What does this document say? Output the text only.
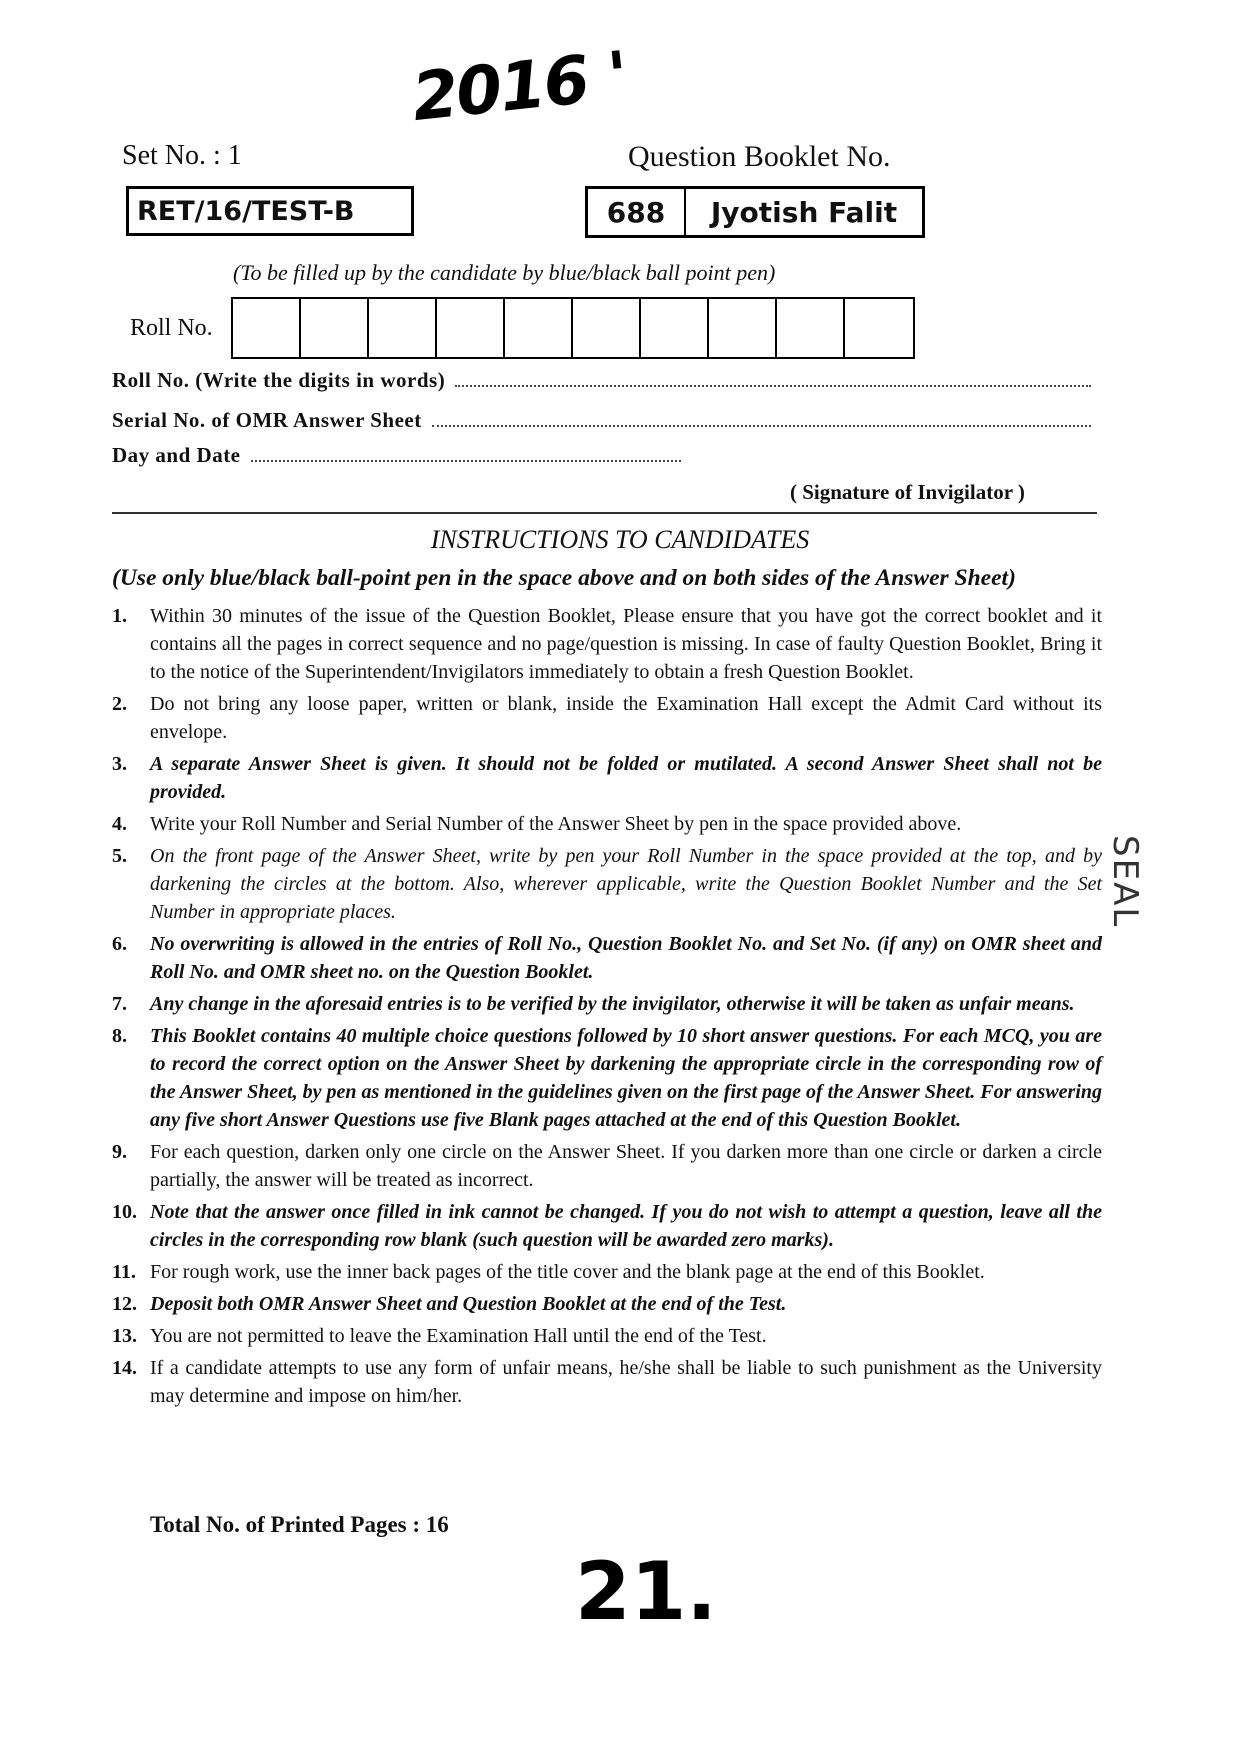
2016 '
Set No. : 1	Question Booklet No.
RET/16/TEST-B	688	Jyotish Falit
(To be filled up by the candidate by blue/black ball point pen)
Roll No.
Roll No. (Write the digits in words)
Serial No. of OMR Answer Sheet
Day and Date
( Signature of Invigilator )
INSTRUCTIONS TO CANDIDATES
(Use only blue/black ball-point pen in the space above and on both sides of the Answer Sheet)
1.	Within 30 minutes of the issue of the Question Booklet, Please ensure that you have got the correct booklet and it contains all the pages in correct sequence and no page/question is missing. In case of faulty Question Booklet, Bring it to the notice of the Superintendent/Invigilators immediately to obtain a fresh Question Booklet.
2.	Do not bring any loose paper, written or blank, inside the Examination Hall except the Admit Card without its envelope.
3.	A separate Answer Sheet is given. It should not be folded or mutilated. A second Answer Sheet shall not be provided.
4.	Write your Roll Number and Serial Number of the Answer Sheet by pen in the space provided above.
5.	On the front page of the Answer Sheet, write by pen your Roll Number in the space provided at the top, and by darkening the circles at the bottom. Also, wherever applicable, write the Question Booklet Number and the Set Number in appropriate places.
6.	No overwriting is allowed in the entries of Roll No., Question Booklet No. and Set No. (if any) on OMR sheet and Roll No. and OMR sheet no. on the Question Booklet.
7.	Any change in the aforesaid entries is to be verified by the invigilator, otherwise it will be taken as unfair means.
8.	This Booklet contains 40 multiple choice questions followed by 10 short answer questions. For each MCQ, you are to record the correct option on the Answer Sheet by darkening the appropriate circle in the corresponding row of the Answer Sheet, by pen as mentioned in the guidelines given on the first page of the Answer Sheet. For answering any five short Answer Questions use five Blank pages attached at the end of this Question Booklet.
9.	For each question, darken only one circle on the Answer Sheet. If you darken more than one circle or darken a circle partially, the answer will be treated as incorrect.
10. Note that the answer once filled in ink cannot be changed. If you do not wish to attempt a question, leave all the circles in the corresponding row blank (such question will be awarded zero marks).
11. For rough work, use the inner back pages of the title cover and the blank page at the end of this Booklet.
12. Deposit both OMR Answer Sheet and Question Booklet at the end of the Test.
13. You are not permitted to leave the Examination Hall until the end of the Test.
14. If a candidate attempts to use any form of unfair means, he/she shall be liable to such punishment as the University may determine and impose on him/her.
Total No. of Printed Pages : 16
21.
SEAL
